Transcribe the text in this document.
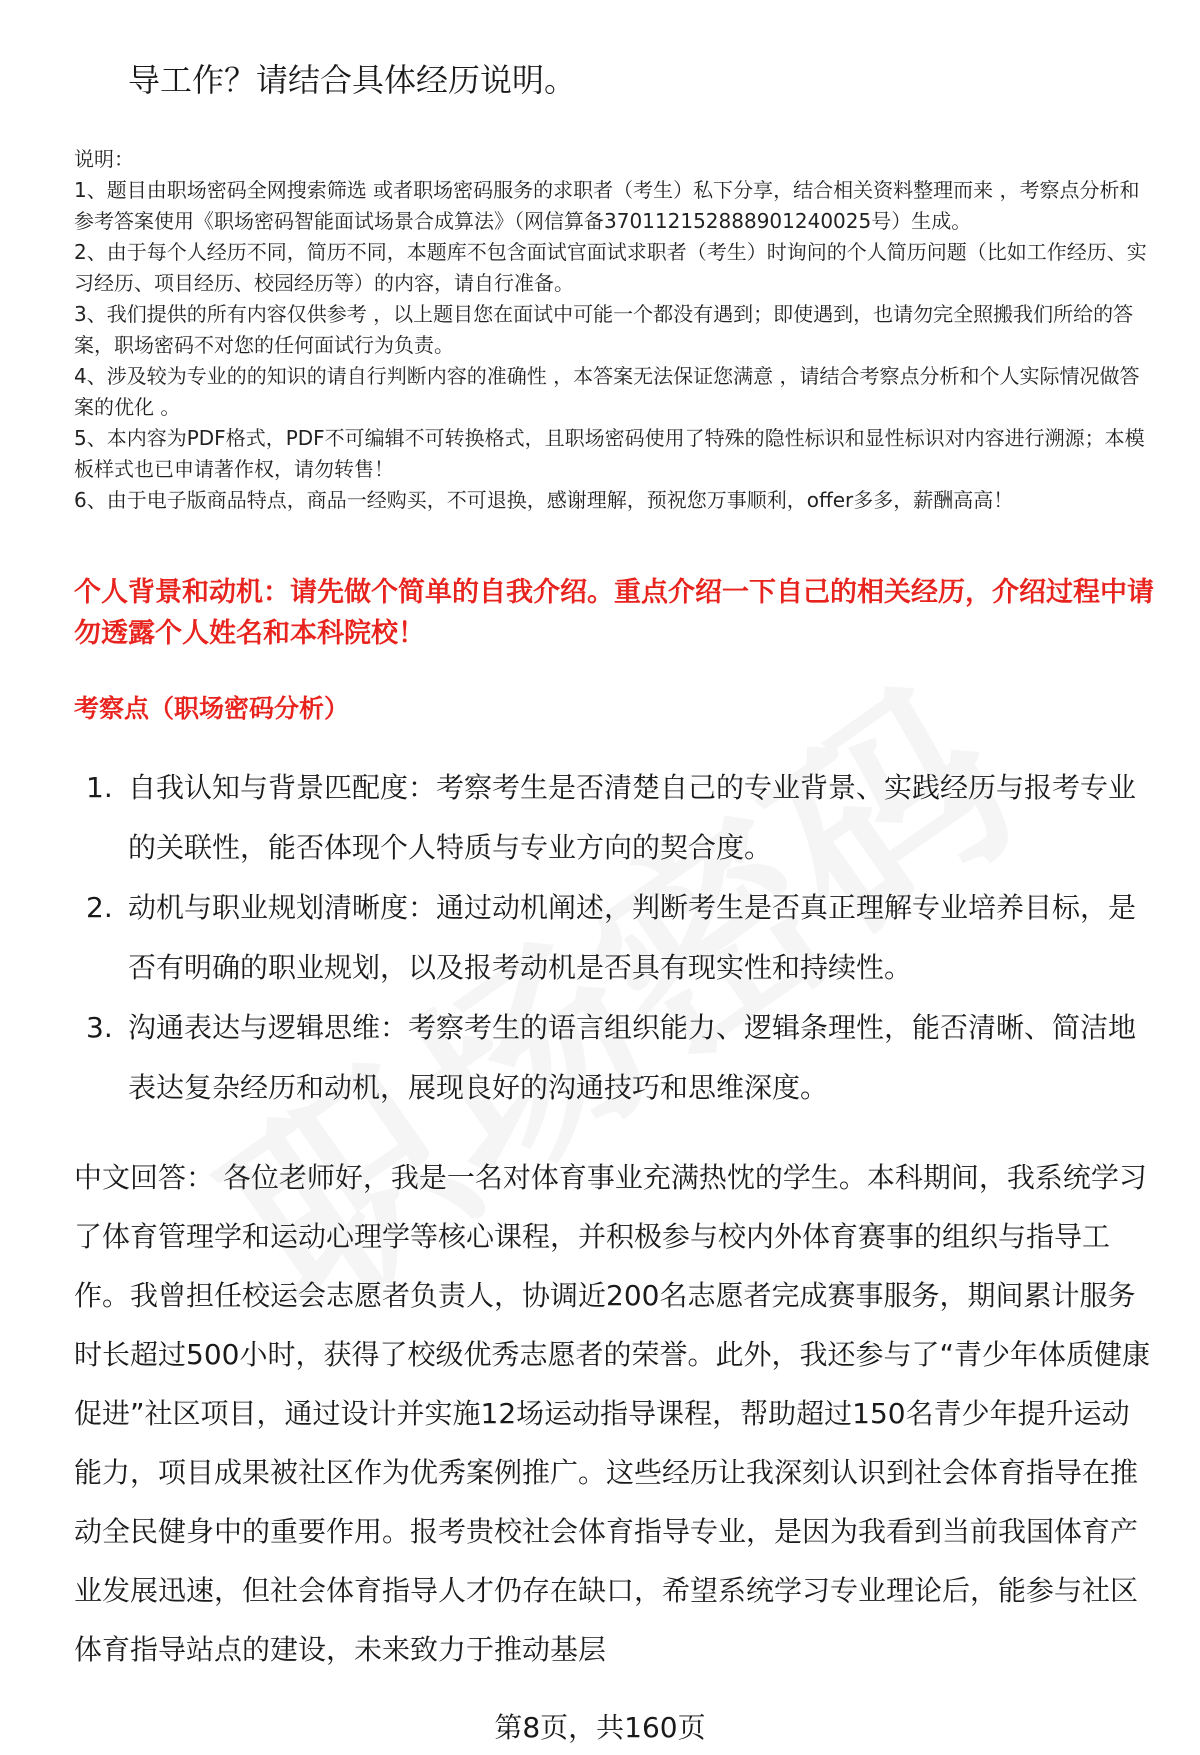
导工作？请结合具体经历说明。

说明：

1、题目由职场密码全网搜索筛选 或者职场密码服务的求职者（考生）私下分享，结合相关资料整理而来 ，考察点分析和参考答案使用《职场密码智能面试场景合成算法》（网信算备370112152888901240025号）生成。

2、由于每个人经历不同，简历不同，本题库不包含面试官面试求职者（考生）时询问的个人简历问题（比如工作经历、实习经历、项目经历、校园经历等）的内容，请自行准备。

3、我们提供的所有内容仅供参考 ，以上题目您在面试中可能一个都没有遇到；即使遇到，也请勿完全照搬我们所给的答案，职场密码不对您的任何面试行为负责。

4、涉及较为专业的的知识的请自行判断内容的准确性 ，本答案无法保证您满意 ，请结合考察点分析和个人实际情况做答案的优化 。

5、本内容为PDF格式，PDF不可编辑不可转换格式，且职场密码使用了特殊的隐性标识和显性标识对内容进行溯源；本模板样式也已申请著作权，请勿转售！

6、由于电子版商品特点，商品一经购买，不可退换，感谢理解，预祝您万事顺利，offer多多，薪酬高高！

个人背景和动机：请先做个简单的自我介绍。重点介绍一下自己的相关经历，介绍过程中请勿透露个人姓名和本科院校！
考察点（职场密码分析）
1. 自我认知与背景匹配度：考察考生是否清楚自己的专业背景、实践经历与报考专业的关联性，能否体现个人特质与专业方向的契合度。
2. 动机与职业规划清晰度：通过动机阐述，判断考生是否真正理解专业培养目标，是否有明确的职业规划，以及报考动机是否具有现实性和持续性。
3. 沟通表达与逻辑思维：考察考生的语言组织能力、逻辑条理性，能否清晰、简洁地表达复杂经历和动机，展现良好的沟通技巧和思维深度。

中文回答： 各位老师好，我是一名对体育事业充满热忱的学生。本科期间，我系统学习了体育管理学和运动心理学等核心课程，并积极参与校内外体育赛事的组织与指导工作。我曾担任校运会志愿者负责人，协调近200名志愿者完成赛事服务，期间累计服务时长超过500小时，获得了校级优秀志愿者的荣誉。此外，我还参与了“青少年体质健康促进”社区项目，通过设计并实施12场运动指导课程，帮助超过150名青少年提升运动能力，项目成果被社区作为优秀案例推广。这些经历让我深刻认识到社会体育指导在推动全民健身中的重要作用。报考贵校社会体育指导专业，是因为我看到当前我国体育产业发展迅速，但社会体育指导人才仍存在缺口，希望系统学习专业理论后，能参与社区体育指导站点的建设，未来致力于推动基层

第8页，共160页
